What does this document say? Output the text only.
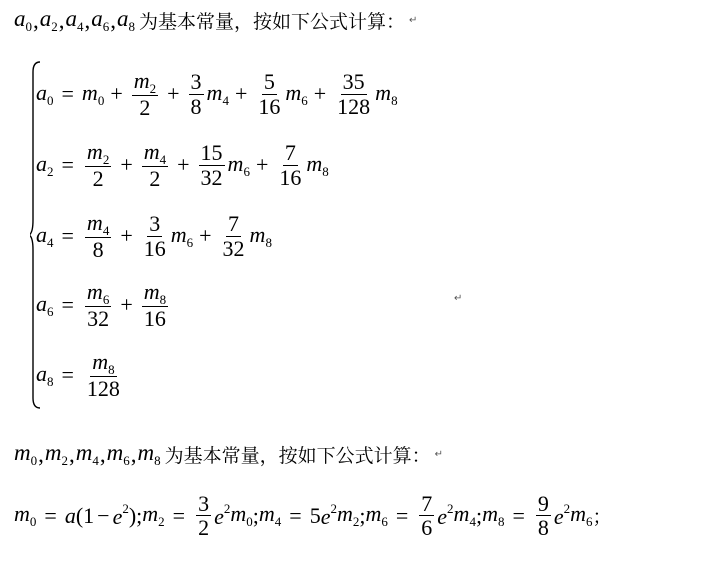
$a_0$ , $a_2$ , $a_4$ , $a_6$ , $a_8$ 为基本常量，按如下公式计算： ↵
$a_0 = m_0 + \frac{m_2}{2} + \frac{3}{8} m_4 + \frac{5}{16} m_6 + \frac{35}{128} m_8$
$a_2 = \frac{m_2}{2} + \frac{m_4}{2} + \frac{15}{32} m_6 + \frac{7}{16} m_8$
$a_4 = \frac{m_4}{8} + \frac{3}{16} m_6 + \frac{7}{32} m_8$
$a_6 = \frac{m_6}{32} + \frac{m_8}{16}$
$a_8 = \frac{m_8}{128}$
↵
$m_0$ , $m_2$ , $m_4$ , $m_6$ , $m_8$ 为基本常量，按如下公式计算： ↵
$m_0 = a$ ($1 - e^2$ ) ; $m_2 = \frac{3}{2} e^2$ $m_0$ ; $m_4 = 5$ $e^2$ $m_2$ ; $m_6 = \frac{7}{6} e^2$ $m_4$ ; $m_8 = \frac{9}{8} e^2$ $m_6$ ；
